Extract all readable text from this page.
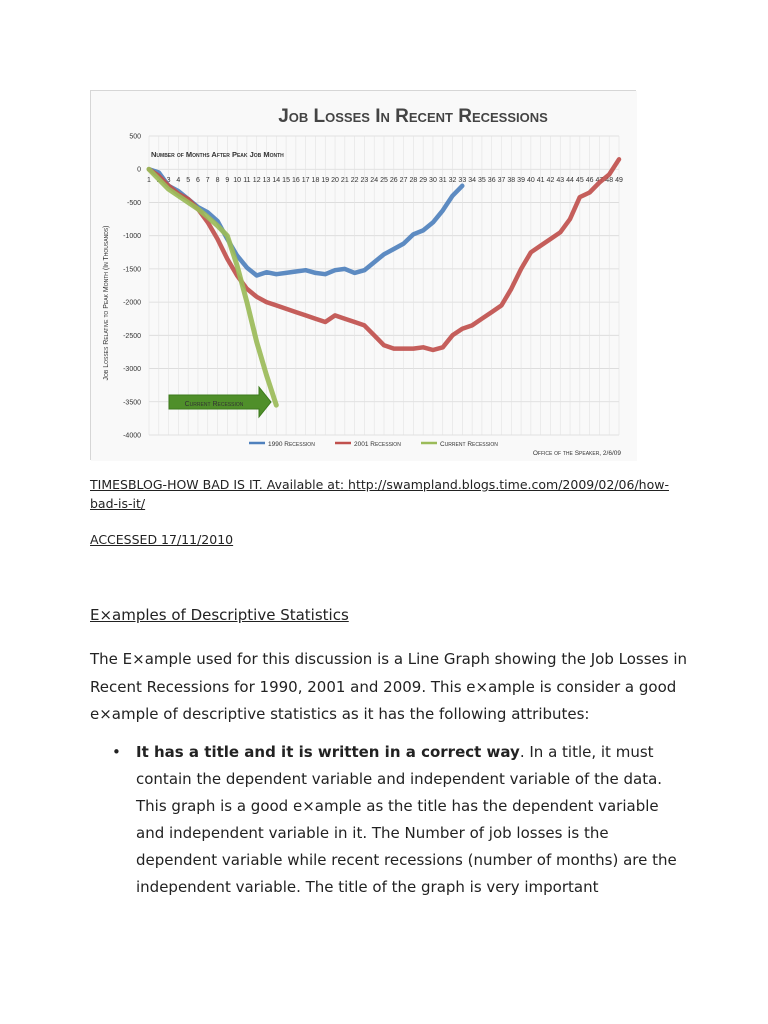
Job Losses In Recent Recessions
500
0
-500
-1000
-1500
-2000
-2500
-3000
-3500
-4000
1 2 3 4 5 6 7 8 9 10 11 12 13 14 15 16 17 18 19 20 21 22 23 24 25 26 27 28 29 30 31 32 33 34 35 36 37 38 39 40 41 42 43 44 45 46 47 48 49
Number of Months After Peak Job Month
Job Losses Relative to Peak Month (In Thousands)
Current Recession
1990 Recession	2001 Recession	Current Recession
Office of the Speaker, 2/6/09
TIMESBLOG-HOW BAD IS IT. Available at: http://swampland.blogs.time.com/2009/02/06/how-bad-is-it/
ACCESSED 17/11/2010
E×amples of Descriptive Statistics
The E×ample used for this discussion is a Line Graph showing the Job Losses in Recent Recessions for 1990, 2001 and 2009. This e×ample is consider a good e×ample of descriptive statistics as it has the following attributes:
• It has a title and it is written in a correct way. In a title, it must contain the dependent variable and independent variable of the data. This graph is a good e×ample as the title has the dependent variable and independent variable in it. The Number of job losses is the dependent variable while recent recessions (number of months) are the independent variable. The title of the graph is very important
